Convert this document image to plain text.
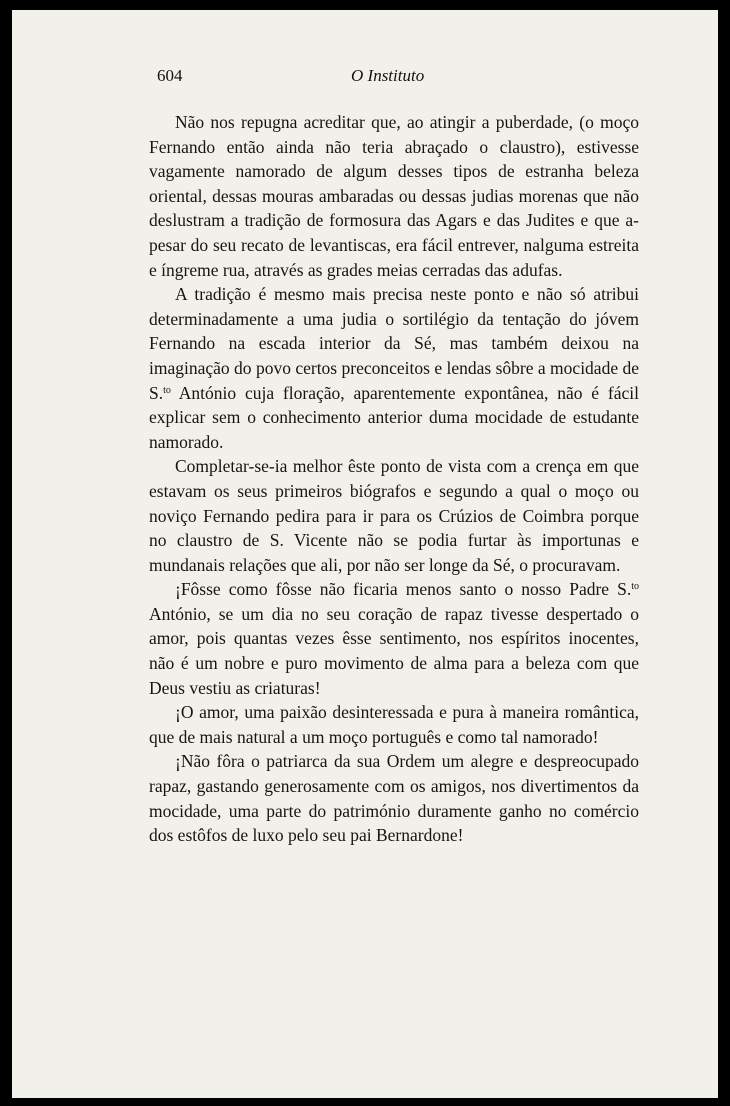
604	O Instituto

Não nos repugna acreditar que, ao atingir a puberdade, (o moço Fernando então ainda não teria abraçado o claustro), estivesse vagamente namorado de algum desses tipos de estranha beleza oriental, dessas mouras ambaradas ou dessas judias morenas que não deslustram a tradição de formosura das Agars e das Judites e que a-pesar do seu recato de levantiscas, era fácil entrever, nalguma estreita e íngreme rua, através as grades meias cerradas das adufas.

A tradição é mesmo mais precisa neste ponto e não só atribui determinadamente a uma judia o sortilégio da tentação do jóvem Fernando na escada interior da Sé, mas também deixou na imaginação do povo certos preconceitos e lendas sôbre a mocidade de S.$^{to}$ António cuja floração, aparentemente expontânea, não é fácil explicar sem o conhecimento anterior duma mocidade de estudante namorado.

Completar-se-ia melhor êste ponto de vista com a crença em que estavam os seus primeiros biógrafos e segundo a qual o moço ou noviço Fernando pedira para ir para os Crúzios de Coimbra porque no claustro de S. Vicente não se podia furtar às importunas e mundanais relações que ali, por não ser longe da Sé, o procuravam.

¡Fôsse como fôsse não ficaria menos santo o nosso Padre S.$^{to}$ António, se um dia no seu coração de rapaz tivesse despertado o amor, pois quantas vezes êsse sentimento, nos espíritos inocentes, não é um nobre e puro movimento de alma para a beleza com que Deus vestiu as criaturas!

¡O amor, uma paixão desinteressada e pura à maneira romântica, que de mais natural a um moço português e como tal namorado!

¡Não fôra o patriarca da sua Ordem um alegre e despreocupado rapaz, gastando generosamente com os amigos, nos divertimentos da mocidade, uma parte do património duramente ganho no comércio dos estôfos de luxo pelo seu pai Bernardone!
